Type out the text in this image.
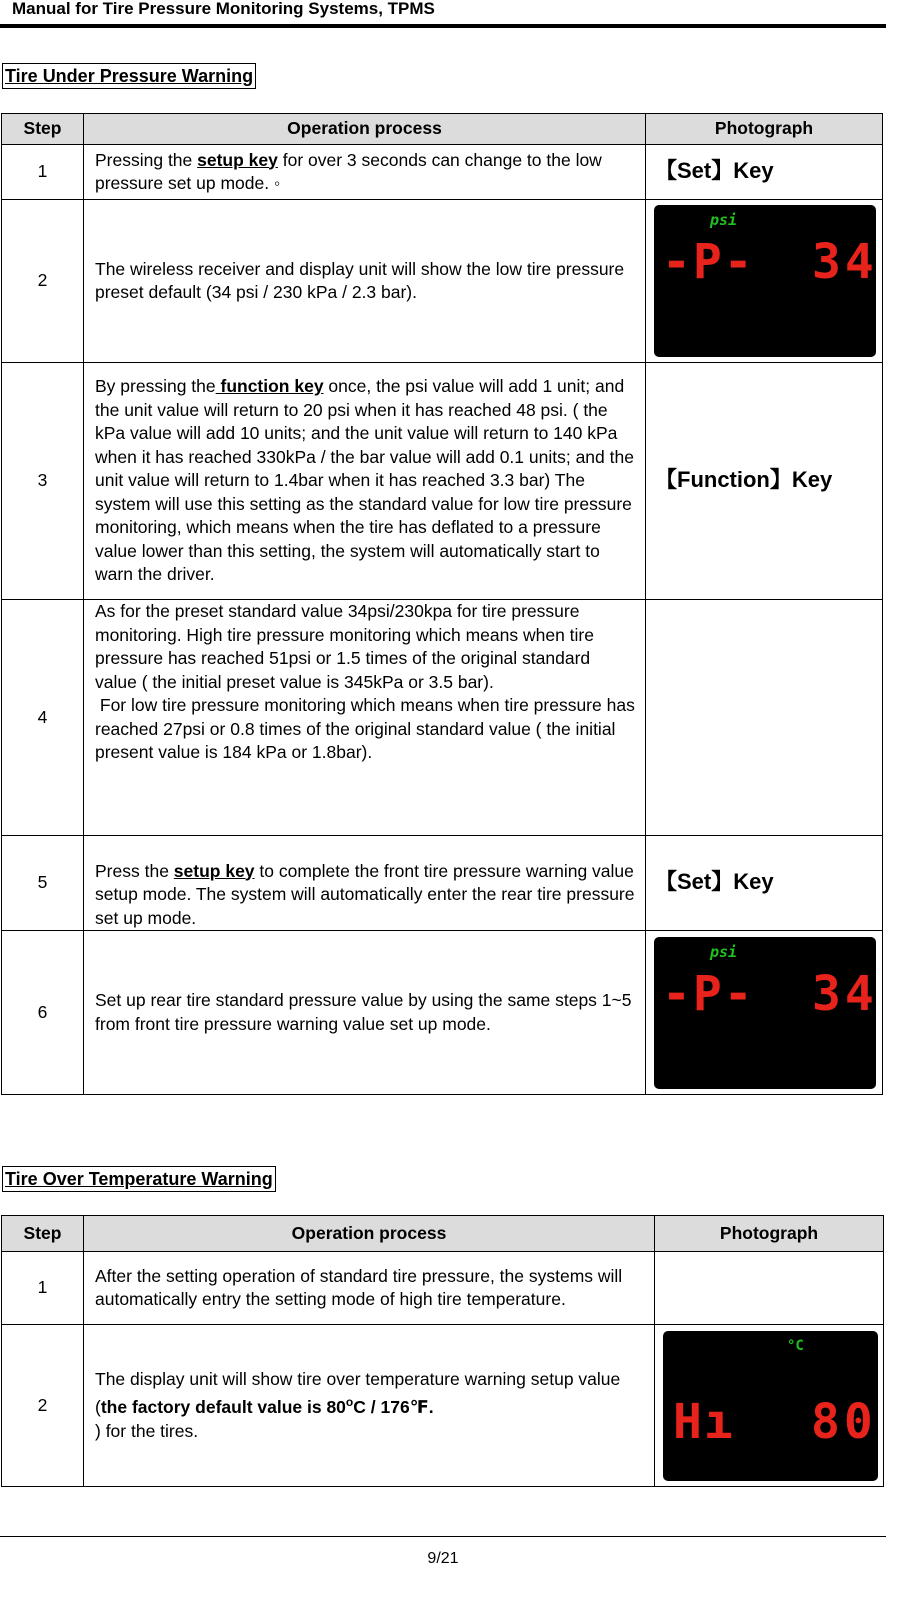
Manual for Tire Pressure Monitoring Systems, TPMS
Tire Under Pressure Warning
Step	Operation process	Photograph
1	Pressing the setup key for over 3 seconds can change to the low pressure set up mode. ◦	【Set】Key
2	The wireless receiver and display unit will show the low tire pressure preset default (34 psi / 230 kPa / 2.3 bar).	psi
-P- 34

3	By pressing the function key once, the psi value will add 1 unit; and the unit value will return to 20 psi when it has reached 48 psi. ( the kPa value will add 10 units; and the unit value will return to 140 kPa when it has reached 330kPa / the bar value will add 0.1 units; and the unit value will return to 1.4bar when it has reached 3.3 bar) The system will use this setting as the standard value for low tire pressure monitoring, which means when the tire has deflated to a pressure value lower than this setting, the system will automatically start to warn the driver.	【Function】Key
4	As for the preset standard value 34psi/230kpa for tire pressure monitoring. High tire pressure monitoring which means when tire pressure has reached 51psi or 1.5 times of the original standard value ( the initial preset value is 345kPa or 3.5 bar).
For low tire pressure monitoring which means when tire pressure has reached 27psi or 0.8 times of the original standard value ( the initial present value is 184 kPa or 1.8bar).	

5	Press the setup key to complete the front tire pressure warning value setup mode. The system will automatically enter the rear tire pressure set up mode.	【Set】Key
6	Set up rear tire standard pressure value by using the same steps 1~5 from front tire pressure warning value set up mode.	psi
-P- 34
Tire Over Temperature Warning
Step	Operation process	Photograph
1	After the setting operation of standard tire pressure, the systems will automatically entry the setting mode of high tire temperature.	
2	The display unit will show tire over temperature warning setup value (the factory default value is 80$^o$C / 176℉.
) for the tires.	°C
Hı 80
9/21
